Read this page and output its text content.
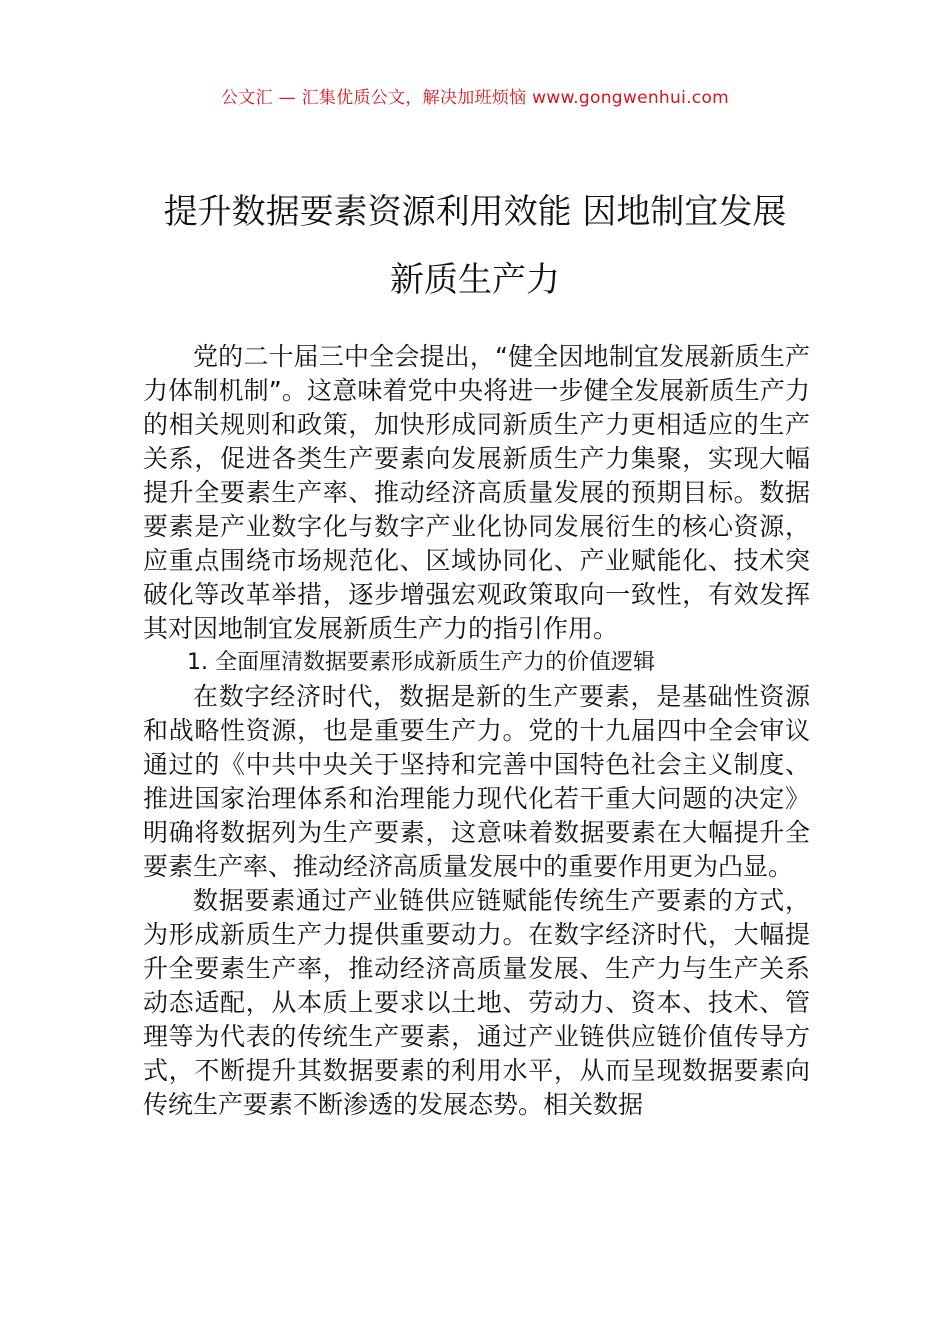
公文汇 — 汇集优质公文，解决加班烦恼 www.gongwenhui.com
提升数据要素资源利用效能 因地制宜发展
新质生产力

党的二十届三中全会提出，“健全因地制宜发展新质生产力体制机制”。这意味着党中央将进一步健全发展新质生产力的相关规则和政策，加快形成同新质生产力更相适应的生产关系，促进各类生产要素向发展新质生产力集聚，实现大幅提升全要素生产率、推动经济高质量发展的预期目标。数据要素是产业数字化与数字产业化协同发展衍生的核心资源，应重点围绕市场规范化、区域协同化、产业赋能化、技术突破化等改革举措，逐步增强宏观政策取向一致性，有效发挥其对因地制宜发展新质生产力的指引作用。

1. 全面厘清数据要素形成新质生产力的价值逻辑

在数字经济时代，数据是新的生产要素，是基础性资源和战略性资源，也是重要生产力。党的十九届四中全会审议通过的《中共中央关于坚持和完善中国特色社会主义制度、推进国家治理体系和治理能力现代化若干重大问题的决定》明确将数据列为生产要素，这意味着数据要素在大幅提升全要素生产率、推动经济高质量发展中的重要作用更为凸显。

数据要素通过产业链供应链赋能传统生产要素的方式，为形成新质生产力提供重要动力。在数字经济时代，大幅提升全要素生产率，推动经济高质量发展、生产力与生产关系动态适配，从本质上要求以土地、劳动力、资本、技术、管理等为代表的传统生产要素，通过产业链供应链价值传导方式，不断提升其数据要素的利用水平，从而呈现数据要素向传统生产要素不断渗透的发展态势。相关数据
